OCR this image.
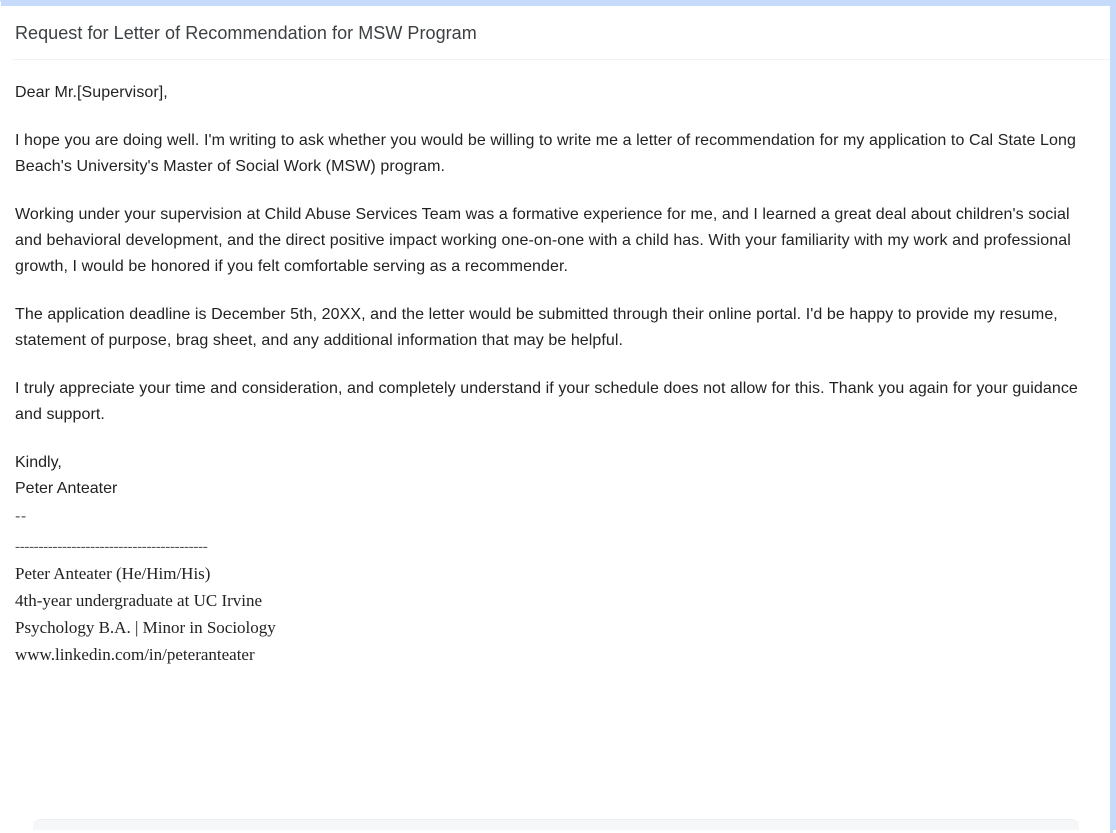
Request for Letter of Recommendation for MSW Program

Dear Mr.[Supervisor],

I hope you are doing well. I'm writing to ask whether you would be willing to write me a letter of recommendation for my application to Cal State Long Beach's University's Master of Social Work (MSW) program.

Working under your supervision at Child Abuse Services Team was a formative experience for me, and I learned a great deal about children's social and behavioral development, and the direct positive impact working one-on-one with a child has. With your familiarity with my work and professional growth, I would be honored if you felt comfortable serving as a recommender.

The application deadline is December 5th, 20XX, and the letter would be submitted through their online portal. I'd be happy to provide my resume, statement of purpose, brag sheet, and any additional information that may be helpful.

I truly appreciate your time and consideration, and completely understand if your schedule does not allow for this. Thank you again for your guidance and support.

Kindly,
Peter Anteater
--
-----------------------------------------
Peter Anteater (He/Him/His)
4th-year undergraduate at UC Irvine
Psychology B.A. | Minor in Sociology
www.linkedin.com/in/peteranteater
